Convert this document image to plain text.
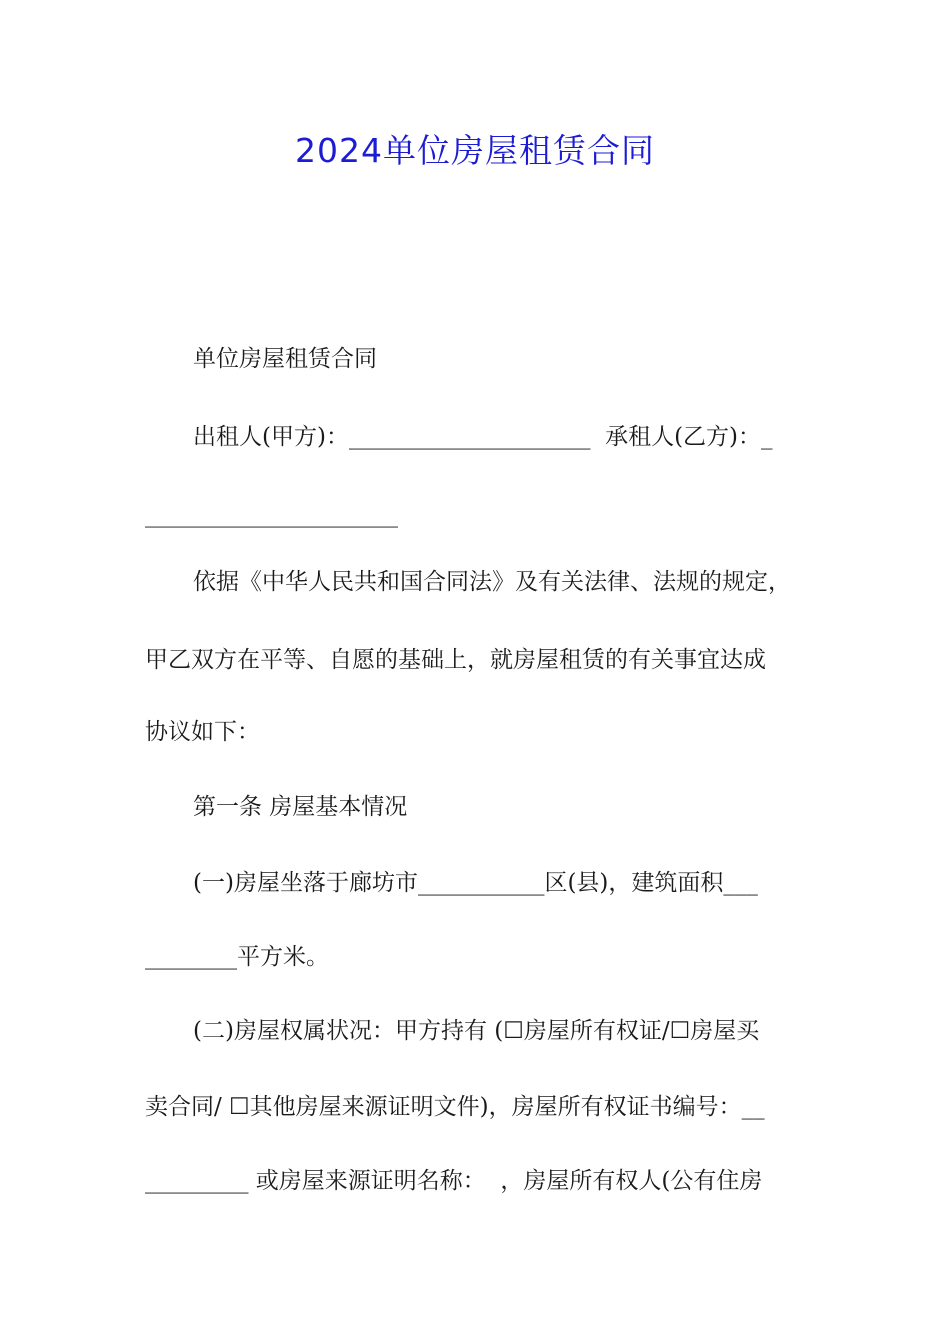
2024单位房屋租赁合同

单位房屋租赁合同

出租人(甲方)：_____________________  承租人(乙方)：_

______________________

依据《中华人民共和国合同法》及有关法律、法规的规定，

甲乙双方在平等、自愿的基础上，就房屋租赁的有关事宜达成

协议如下：

第一条 房屋基本情况

(一)房屋坐落于廊坊市___________区(县)，建筑面积___

________平方米。

(二)房屋权属状况：甲方持有 (☐房屋所有权证/☐房屋买

卖合同/ ☐其他房屋来源证明文件)，房屋所有权证书编号：__

_________ 或房屋来源证明名称：  ，房屋所有权人(公有住房
